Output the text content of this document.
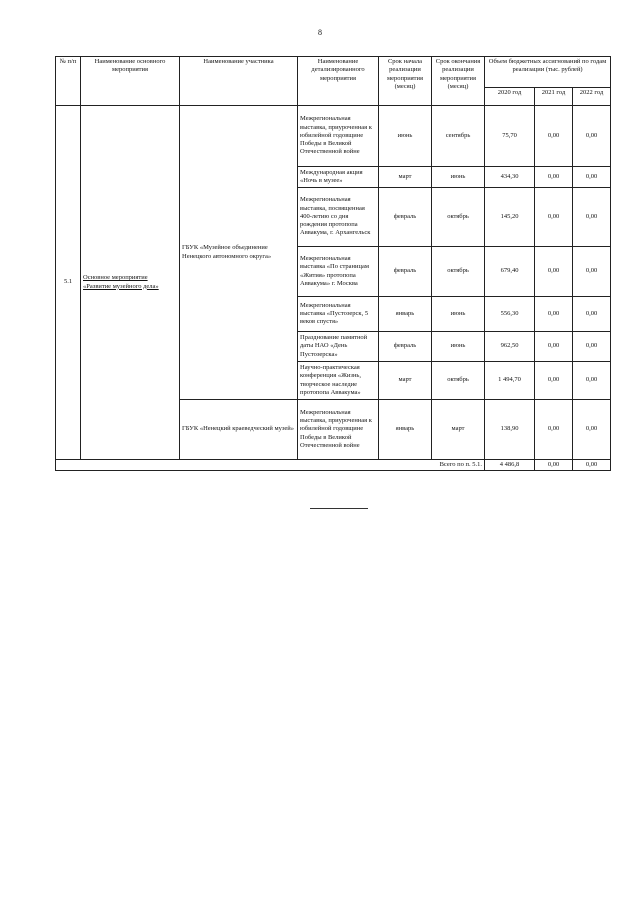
8
№ п/п	Наименование основного мероприятия	Наименование участника	Наименование детализированного мероприятия	Срок начала реализации мероприятия (месяц)	Срок окончания реализации мероприятия (месяц)	Объем бюджетных ассигнований по годам реализации (тыс. рублей)		
						2020 год	2021 год	2022 год
5.1	Основное мероприятие «Развитие музейного дела»	ГБУК «Музейное объединение Ненецкого автономного округа»	Межрегиональная выставка, приуроченная к юбилейной годовщине Победы в Великой Отечественной войне	июнь	сентябрь	75,70	0,00	0,00
			Международная акция «Ночь в музее»	март	июнь	434,30	0,00	0,00
			Межрегиональная выставка, посвященная 400-летию со дня рождения протопопа Аввакума, г. Архангельск	февраль	октябрь	145,20	0,00	0,00
			Межрегиональная выставка «По страницам «Жития» протопопа Аввакума» г. Москва	февраль	октябрь	679,40	0,00	0,00
			Межрегиональная выставка «Пустозерск, 5 веков спустя»	январь	июнь	556,30	0,00	0,00
			Празднование памятной даты НАО «День Пустозерска»	февраль	июнь	962,50	0,00	0,00
			Научно-практическая конференция «Жизнь, творческое наследие протопопа Аввакума»	март	октябрь	1 494,70	0,00	0,00
		ГБУК «Ненецкий краеведческий музей»	Межрегиональная выставка, приуроченная к юбилейной годовщине Победы в Великой Отечественной войне	январь	март	138,90	0,00	0,00
Всего по п. 5.1.						4 486,8	0,00	0,00
